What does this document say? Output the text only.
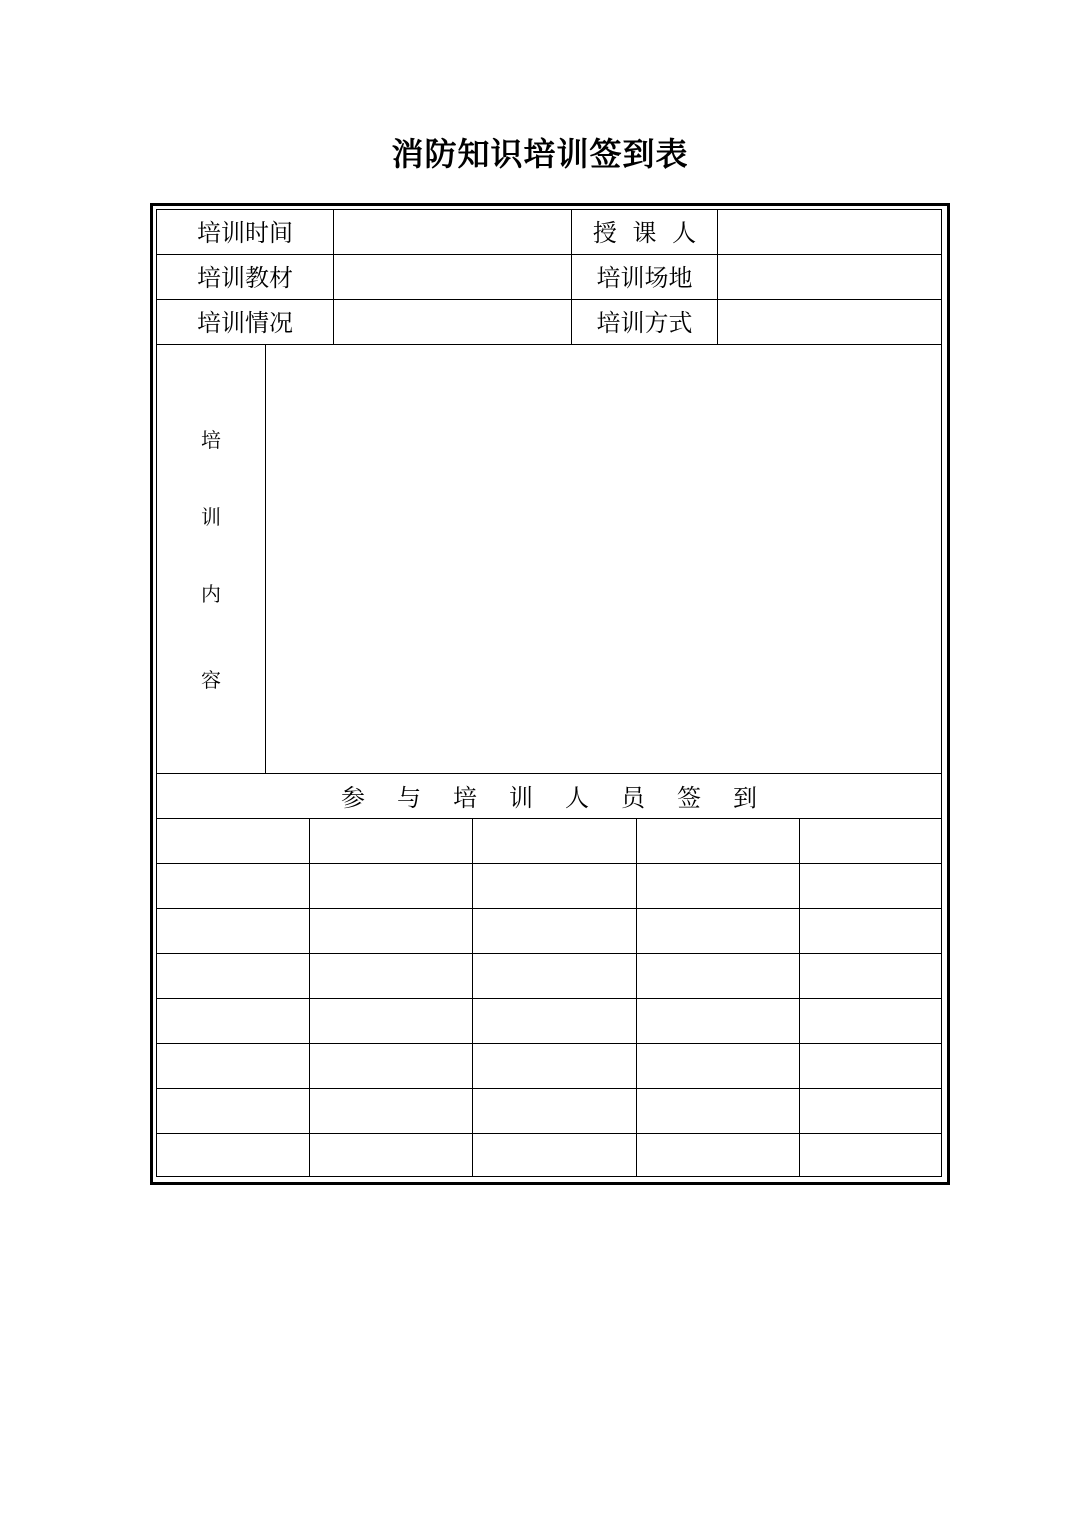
消防知识培训签到表
培训时间	授 课 人
培训教材	培训场地
培训情况	培训方式
培
训
内
容
参 与 培 训 人 员 签 到
